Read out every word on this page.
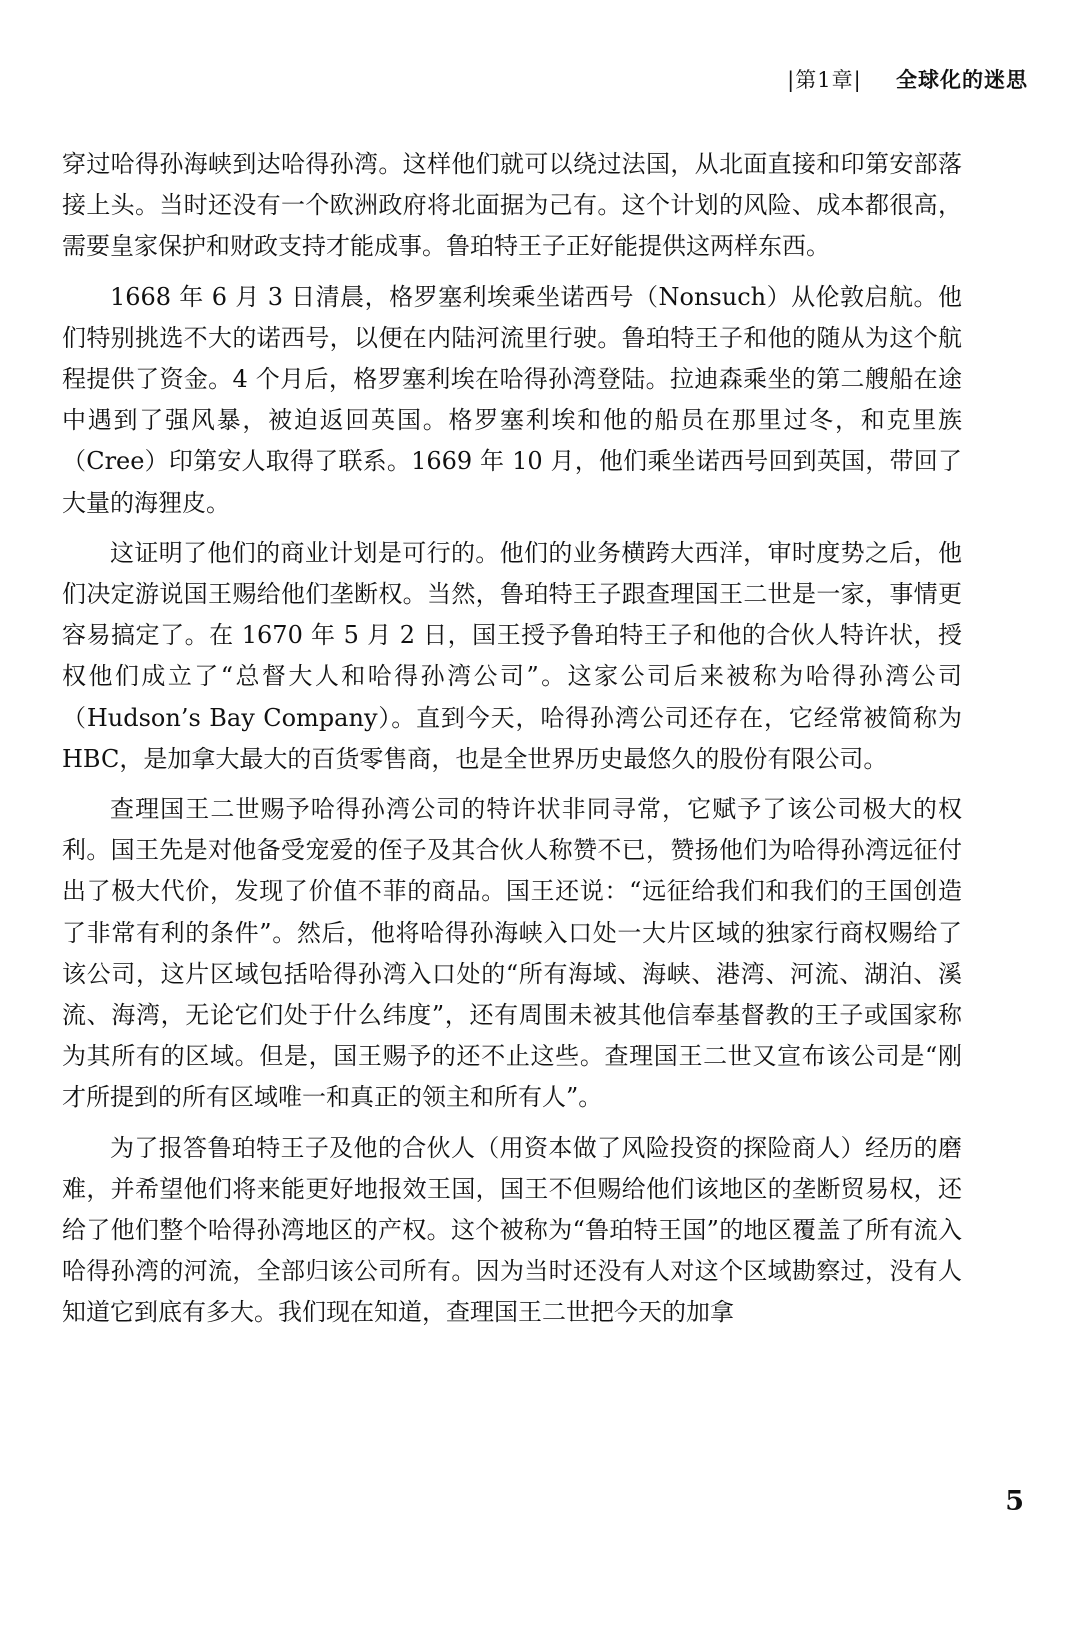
|第1章| 全球化的迷思

穿过哈得孙海峡到达哈得孙湾。这样他们就可以绕过法国，从北面直接和印第安部落接上头。当时还没有一个欧洲政府将北面据为己有。这个计划的风险、成本都很高，需要皇家保护和财政支持才能成事。鲁珀特王子正好能提供这两样东西。

1668 年 6 月 3 日清晨，格罗塞利埃乘坐诺西号（Nonsuch）从伦敦启航。他们特别挑选不大的诺西号，以便在内陆河流里行驶。鲁珀特王子和他的随从为这个航程提供了资金。4 个月后，格罗塞利埃在哈得孙湾登陆。拉迪森乘坐的第二艘船在途中遇到了强风暴，被迫返回英国。格罗塞利埃和他的船员在那里过冬，和克里族（Cree）印第安人取得了联系。1669 年 10 月，他们乘坐诺西号回到英国，带回了大量的海狸皮。

这证明了他们的商业计划是可行的。他们的业务横跨大西洋，审时度势之后，他们决定游说国王赐给他们垄断权。当然，鲁珀特王子跟查理国王二世是一家，事情更容易搞定了。在 1670 年 5 月 2 日，国王授予鲁珀特王子和他的合伙人特许状，授权他们成立了“总督大人和哈得孙湾公司”。这家公司后来被称为哈得孙湾公司（Hudson’s Bay Company）。直到今天，哈得孙湾公司还存在，它经常被简称为 HBC，是加拿大最大的百货零售商，也是全世界历史最悠久的股份有限公司。

查理国王二世赐予哈得孙湾公司的特许状非同寻常，它赋予了该公司极大的权利。国王先是对他备受宠爱的侄子及其合伙人称赞不已，赞扬他们为哈得孙湾远征付出了极大代价，发现了价值不菲的商品。国王还说：“远征给我们和我们的王国创造了非常有利的条件”。然后，他将哈得孙海峡入口处一大片区域的独家行商权赐给了该公司，这片区域包括哈得孙湾入口处的“所有海域、海峡、港湾、河流、湖泊、溪流、海湾，无论它们处于什么纬度”，还有周围未被其他信奉基督教的王子或国家称为其所有的区域。但是，国王赐予的还不止这些。查理国王二世又宣布该公司是“刚才所提到的所有区域唯一和真正的领主和所有人”。

为了报答鲁珀特王子及他的合伙人（用资本做了风险投资的探险商人）经历的磨难，并希望他们将来能更好地报效王国，国王不但赐给他们该地区的垄断贸易权，还给了他们整个哈得孙湾地区的产权。这个被称为“鲁珀特王国”的地区覆盖了所有流入哈得孙湾的河流，全部归该公司所有。因为当时还没有人对这个区域勘察过，没有人知道它到底有多大。我们现在知道，查理国王二世把今天的加拿

5
